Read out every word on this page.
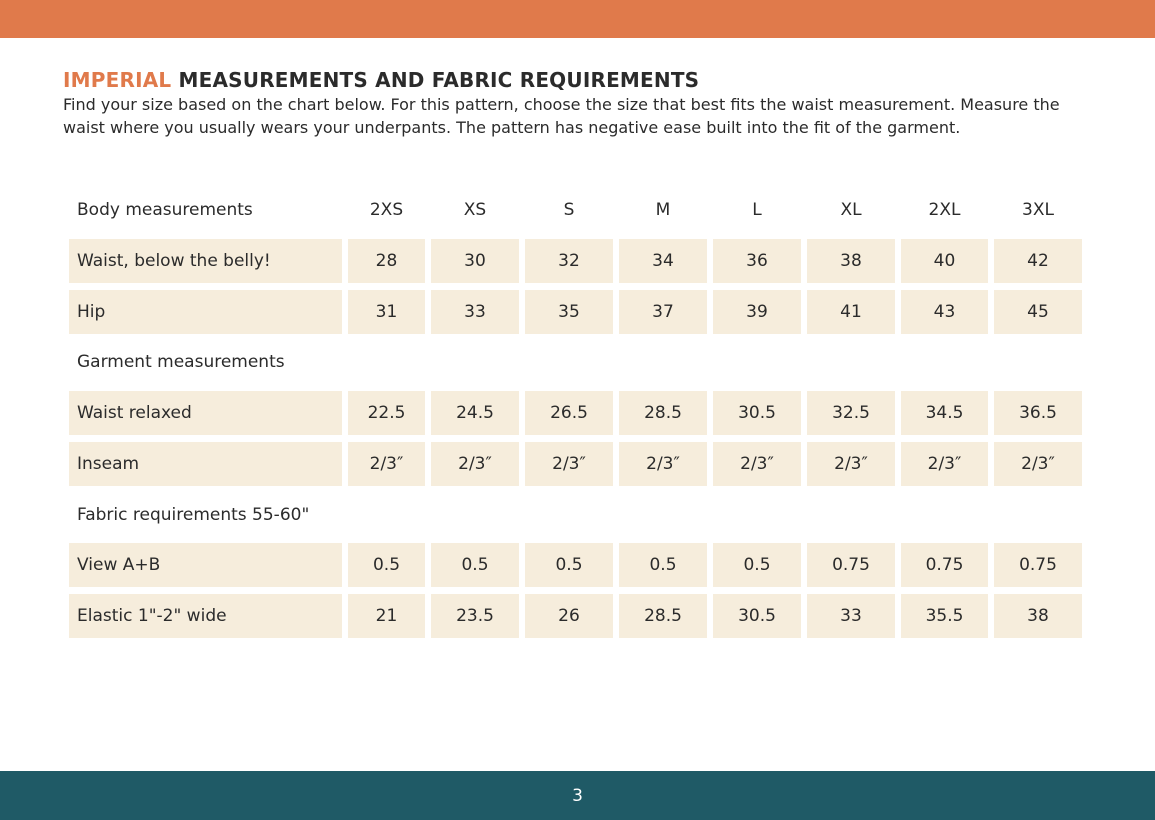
IMPERIAL MEASUREMENTS AND FABRIC REQUIREMENTS

Find your size based on the chart below. For this pattern, choose the size that best fits the waist measurement. Measure the waist where you usually wears your underpants. The pattern has negative ease built into the fit of the garment.

Body measurements	2XS	XS	S	M	L	XL	2XL	3XL
Waist, below the belly!	28	30	32	34	36	38	40	42
Hip	31	33	35	37	39	41	43	45
Garment measurements
Waist relaxed	22.5	24.5	26.5	28.5	30.5	32.5	34.5	36.5
Inseam	2/3″	2/3″	2/3″	2/3″	2/3″	2/3″	2/3″	2/3″
Fabric requirements 55-60"
View A+B	0.5	0.5	0.5	0.5	0.5	0.75	0.75	0.75
Elastic 1"-2" wide	21	23.5	26	28.5	30.5	33	35.5	38
3
